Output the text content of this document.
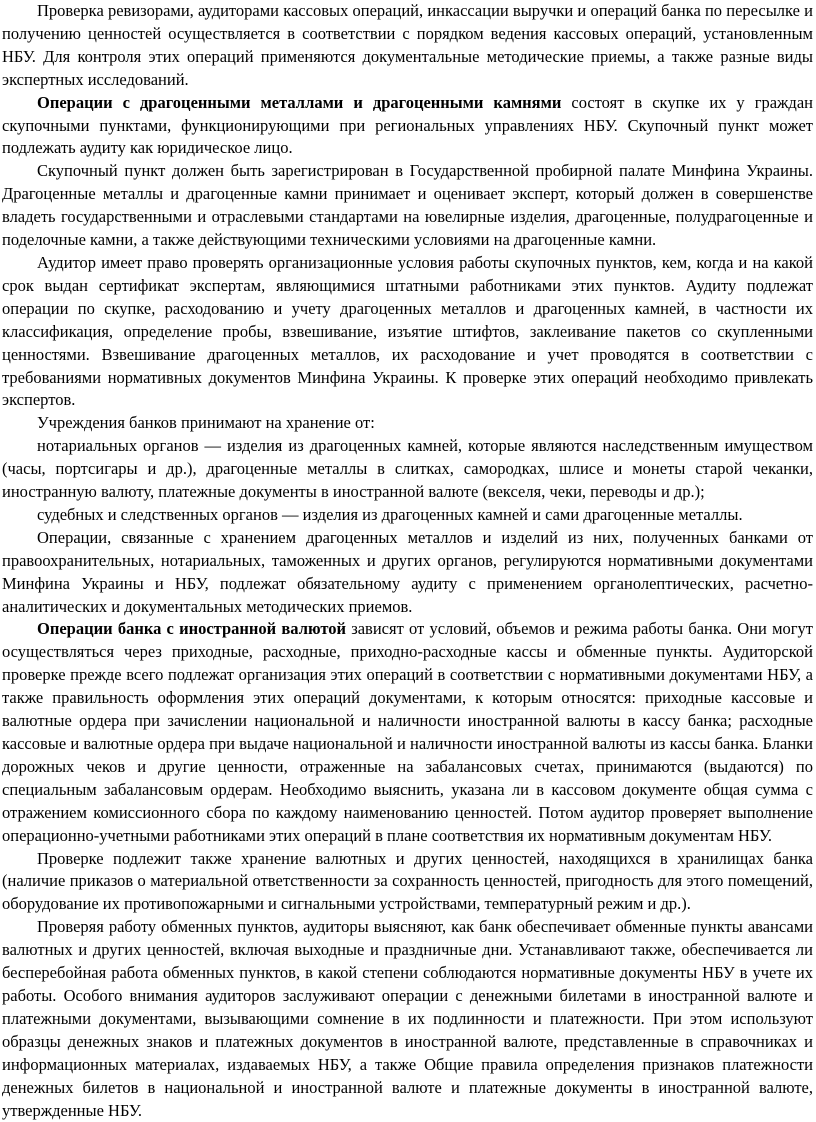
Проверка ревизорами, аудиторами кассовых операций, инкассации выручки и операций банка по пересылке и получению ценностей осуществляется в соответствии с порядком ведения кассовых операций, установленным НБУ. Для контроля этих операций применяются документальные методические приемы, а также разные виды экспертных исследований.

Операции с драгоценными металлами и драгоценными камнями состоят в скупке их у граждан скупочными пунктами, функционирующими при региональных управлениях НБУ. Скупочный пункт может подлежать аудиту как юридическое лицо.

Скупочный пункт должен быть зарегистрирован в Государственной пробирной палате Минфина Украины. Драгоценные металлы и драгоценные камни принимает и оценивает эксперт, который должен в совершенстве владеть государственными и отраслевыми стандартами на ювелирные изделия, драгоценные, полудрагоценные и поделочные камни, а также действующими техническими условиями на драгоценные камни.

Аудитор имеет право проверять организационные условия работы скупочных пунктов, кем, когда и на какой срок выдан сертификат экспертам, являющимися штатными работниками этих пунктов. Аудиту подлежат операции по скупке, расходованию и учету драгоценных металлов и драгоценных камней, в частности их классификация, определение пробы, взвешивание, изъятие штифтов, заклеивание пакетов со скупленными ценностями. Взвешивание драгоценных металлов, их расходование и учет проводятся в соответствии с требованиями нормативных документов Минфина Украины. К проверке этих операций необходимо привлекать экспертов.

Учреждения банков принимают на хранение от:

нотариальных органов — изделия из драгоценных камней, которые являются наследственным имуществом (часы, портсигары и др.), драгоценные металлы в слитках, самородках, шлисе и монеты старой чеканки, иностранную валюту, платежные документы в иностранной валюте (векселя, чеки, переводы и др.);

судебных и следственных органов — изделия из драгоценных камней и сами драгоценные металлы.

Операции, связанные с хранением драгоценных металлов и изделий из них, полученных банками от правоохранительных, нотариальных, таможенных и других органов, регулируются нормативными документами Минфина Украины и НБУ, подлежат обязательному аудиту с применением органолептических, расчетно-аналитических и документальных методических приемов.

Операции банка с иностранной валютой зависят от условий, объемов и режима работы банка. Они могут осуществляться через приходные, расходные, приходно-расходные кассы и обменные пункты. Аудиторской проверке прежде всего подлежат организация этих операций в соответствии с нормативными документами НБУ, а также правильность оформления этих операций документами, к которым относятся: приходные кассовые и валютные ордера при зачислении национальной и наличности иностранной валюты в кассу банка; расходные кассовые и валютные ордера при выдаче национальной и наличности иностранной валюты из кассы банка. Бланки дорожных чеков и другие ценности, отраженные на забалансовых счетах, принимаются (выдаются) по специальным забалансовым ордерам. Необходимо выяснить, указана ли в кассовом документе общая сумма с отражением комиссионного сбора по каждому наименованию ценностей. Потом аудитор проверяет выполнение операционно-учетными работниками этих операций в плане соответствия их нормативным документам НБУ.

Проверке подлежит также хранение валютных и других ценностей, находящихся в хранилищах банка (наличие приказов о материальной ответственности за сохранность ценностей, пригодность для этого помещений, оборудование их противопожарными и сигнальными устройствами, температурный режим и др.).

Проверяя работу обменных пунктов, аудиторы выясняют, как банк обеспечивает обменные пункты авансами валютных и других ценностей, включая выходные и праздничные дни. Устанавливают также, обеспечивается ли бесперебойная работа обменных пунктов, в какой степени соблюдаются нормативные документы НБУ в учете их работы. Особого внимания аудиторов заслуживают операции с денежными билетами в иностранной валюте и платежными документами, вызывающими сомнение в их подлинности и платежности. При этом используют образцы денежных знаков и платежных документов в иностранной валюте, представленные в справочниках и информационных материалах, издаваемых НБУ, а также Общие правила определения признаков платежности денежных билетов в национальной и иностранной валюте и платежные документы в иностранной валюте, утвержденные НБУ.
